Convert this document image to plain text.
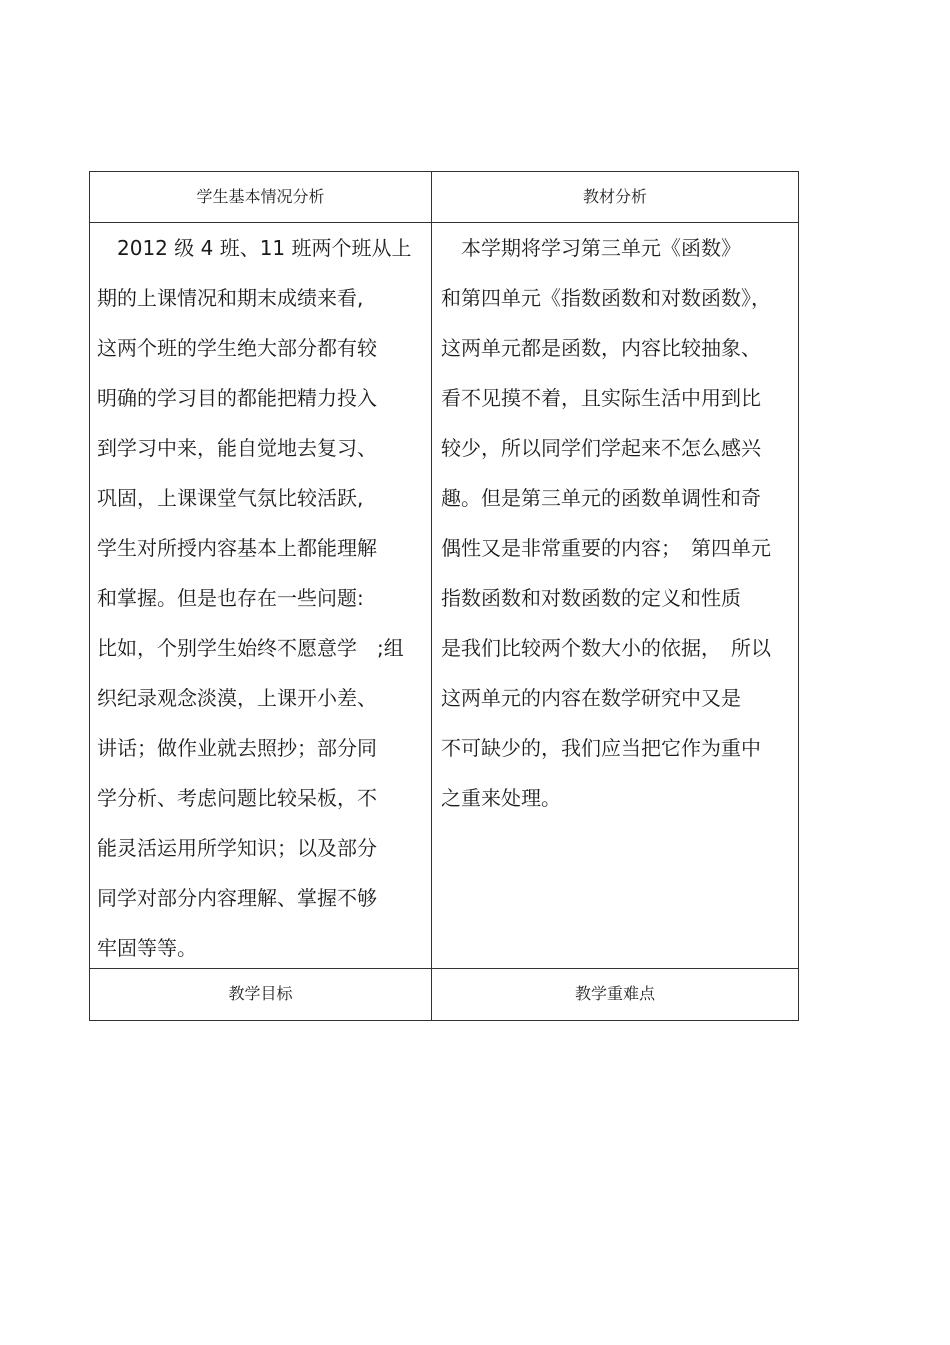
学生基本情况分析	教材分析
　2012 级 4 班、11 班两个班从上
期的上课情况和期末成绩来看,
这两个班的学生绝大部分都有较
明确的学习目的都能把精力投入
到学习中来，能自觉地去复习、
巩固，上课课堂气氛比较活跃,
学生对所授内容基本上都能理解
和掌握。但是也存在一些问题:
比如，个别学生始终不愿意学　;组
织纪录观念淡漠，上课开小差、
讲话；做作业就去照抄；部分同
学分析、考虑问题比较呆板，不
能灵活运用所学知识；以及部分
同学对部分内容理解、掌握不够
牢固等等。
　本学期将学习第三单元《函数》
和第四单元《指数函数和对数函数》，
这两单元都是函数，内容比较抽象、
看不见摸不着，且实际生活中用到比
较少，所以同学们学起来不怎么感兴
趣。但是第三单元的函数单调性和奇
偶性又是非常重要的内容；　第四单元
指数函数和对数函数的定义和性质
是我们比较两个数大小的依据，　所以
这两单元的内容在数学研究中又是
不可缺少的，我们应当把它作为重中
之重来处理。
教学目标	教学重难点
